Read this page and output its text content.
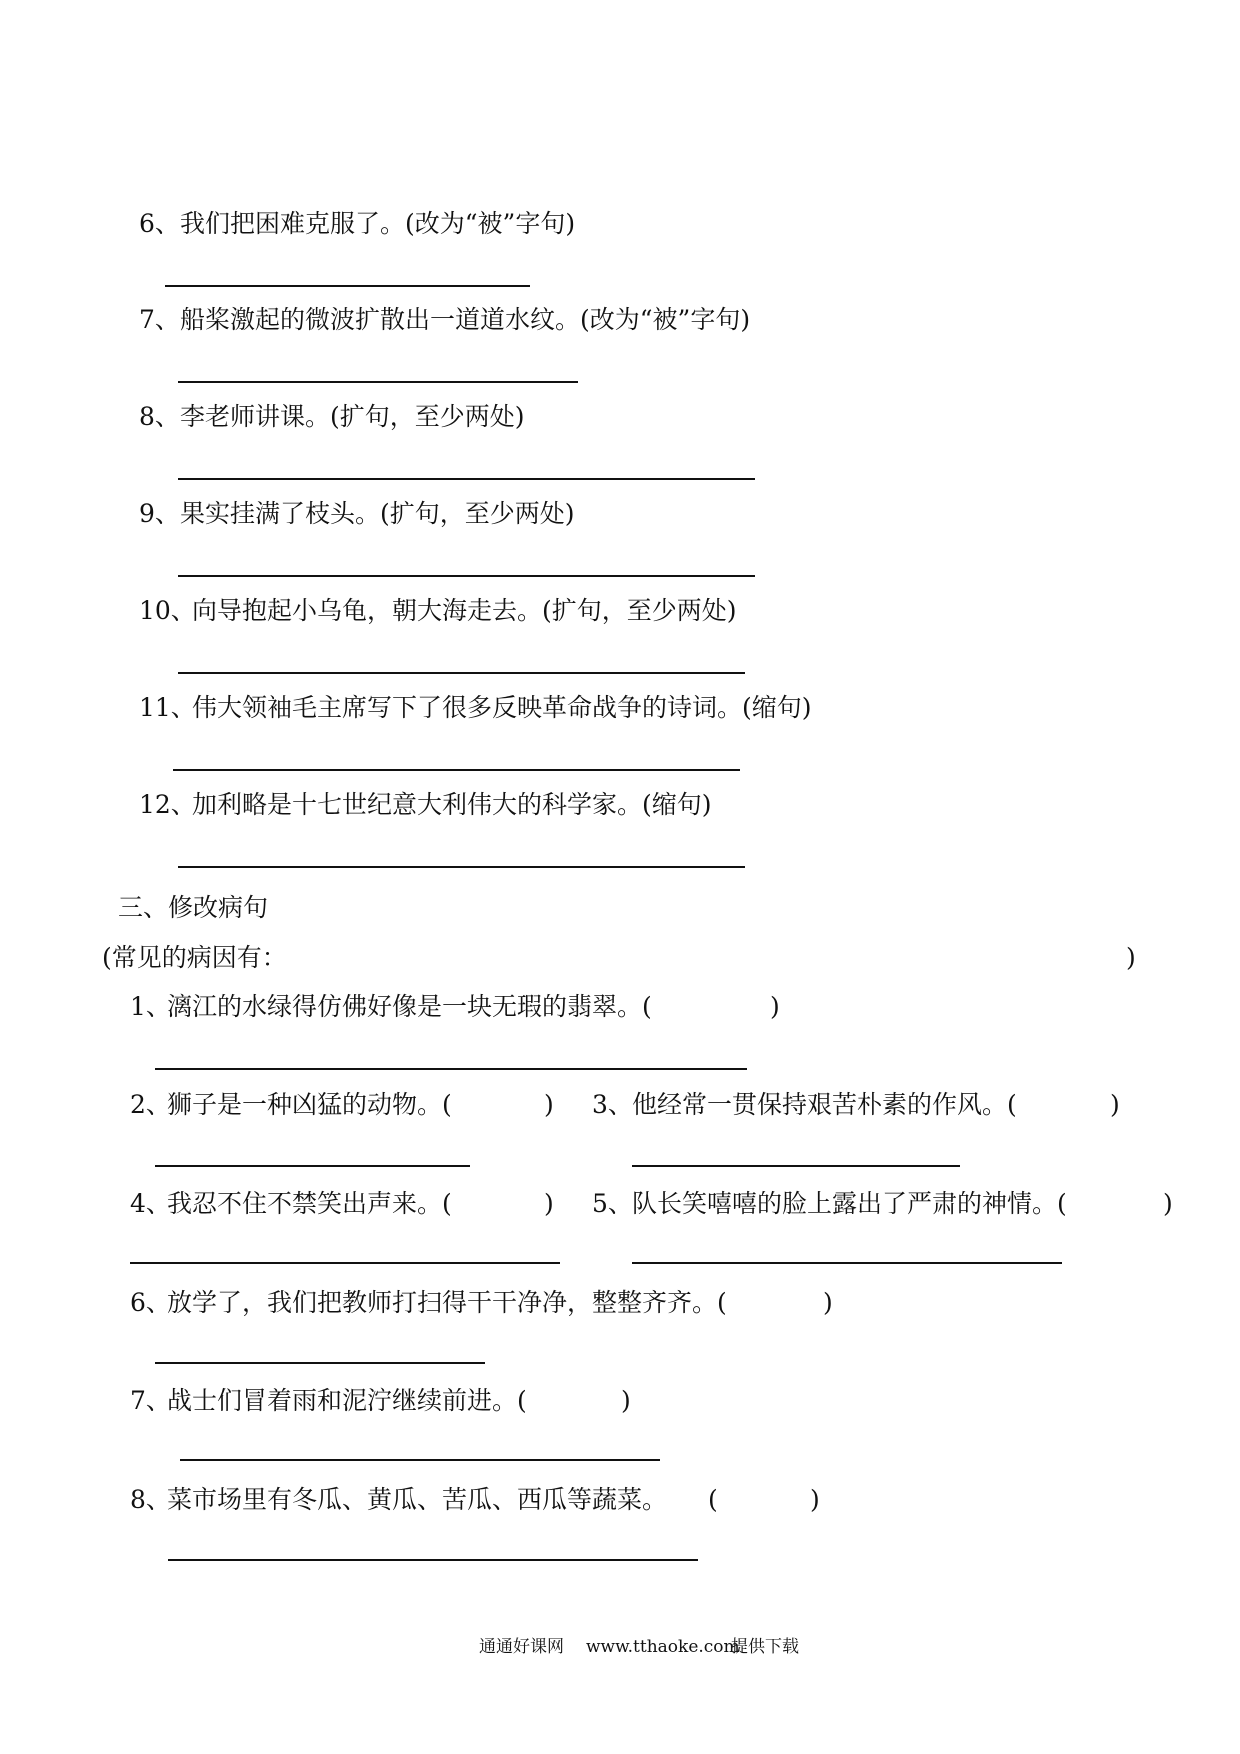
6、 我们把困难克服了。(改为“被”字句)
7、 船桨激起的微波扩散出一道道水纹。(改为“被”字句)
8、 李老师讲课。(扩句，至少两处)
9、 果实挂满了枝头。(扩句，至少两处)
10、
向导抱起小乌龟，朝大海走去。(扩句，至少两处)
11、
伟大领袖毛主席写下了很多反映革命战争的诗词。(缩句)
12、
加利略是十七世纪意大利伟大的科学家。(缩句)
三、修改病句
(常见的病因有：	)
1、
漓江的水绿得仿佛好像是一块无瑕的翡翠。(	)
2、
狮子是一种凶猛的动物。(	) 3、 他经常一贯保持艰苦朴素的作风。(	)
4、
我忍不住不禁笑出声来。(	) 5、 队长笑嘻嘻的脸上露出了严肃的神情。(	)
6、
放学了，我们把教师打扫得干干净净，整整齐齐。(	)
7、
战士们冒着雨和泥泞继续前进。(	)
8、
菜市场里有冬瓜、黄瓜、苦瓜、西瓜等蔬菜。 (	)
通通好课网 www.tthaoke.com
提供下载
